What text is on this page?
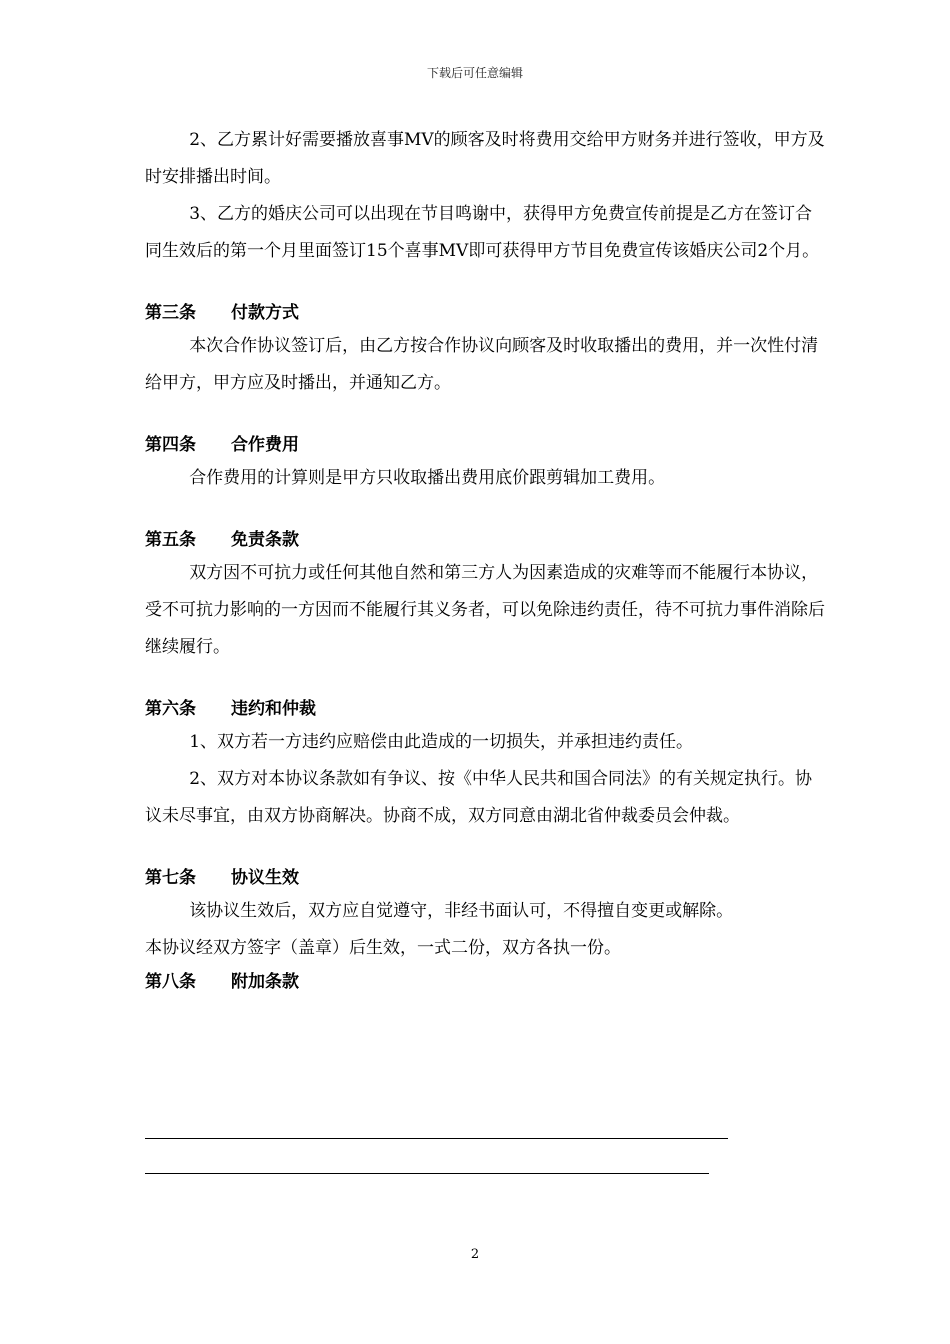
下载后可任意编辑

2、乙方累计好需要播放喜事MV的顾客及时将费用交给甲方财务并进行签收，甲方及时安排播出时间。

3、乙方的婚庆公司可以出现在节目鸣谢中，获得甲方免费宣传前提是乙方在签订合同生效后的第一个月里面签订15个喜事MV即可获得甲方节目免费宣传该婚庆公司2个月。

第三条 付款方式

本次合作协议签订后，由乙方按合作协议向顾客及时收取播出的费用，并一次性付清给甲方，甲方应及时播出，并通知乙方。

第四条 合作费用

合作费用的计算则是甲方只收取播出费用底价跟剪辑加工费用。

第五条 免责条款

双方因不可抗力或任何其他自然和第三方人为因素造成的灾难等而不能履行本协议，受不可抗力影响的一方因而不能履行其义务者，可以免除违约责任，待不可抗力事件消除后继续履行。

第六条 违约和仲裁

1、双方若一方违约应赔偿由此造成的一切损失，并承担违约责任。

2、双方对本协议条款如有争议、按《中华人民共和国合同法》的有关规定执行。协议未尽事宜，由双方协商解决。协商不成，双方同意由湖北省仲裁委员会仲裁。

第七条 协议生效

该协议生效后，双方应自觉遵守，非经书面认可，不得擅自变更或解除。

本协议经双方签字（盖章）后生效，一式二份，双方各执一份。

第八条 附加条款

2
